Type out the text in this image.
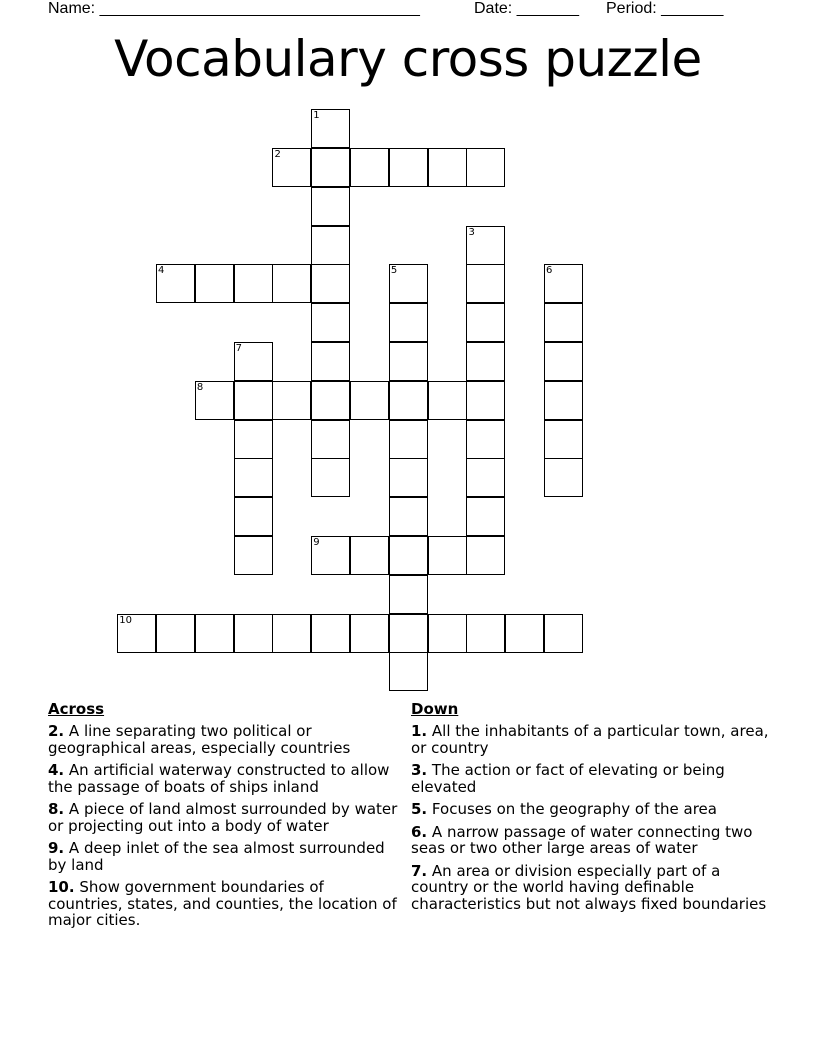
Name: ____________________________________	Date: _______ Period: _______
Vocabulary cross puzzle
1
2
3
4	5	6
7
8
9
10
Across
2. A line separating two political or geographical areas, especially countries
4. An artificial waterway constructed to allow the passage of boats of ships inland
8. A piece of land almost surrounded by water or projecting out into a body of water
9. A deep inlet of the sea almost surrounded by land
10. Show government boundaries of countries, states, and counties, the location of major cities.
Down
1. All the inhabitants of a particular town, area, or country
3. The action or fact of elevating or being elevated
5. Focuses on the geography of the area
6. A narrow passage of water connecting two seas or two other large areas of water
7. An area or division especially part of a country or the world having definable characteristics but not always fixed boundaries
